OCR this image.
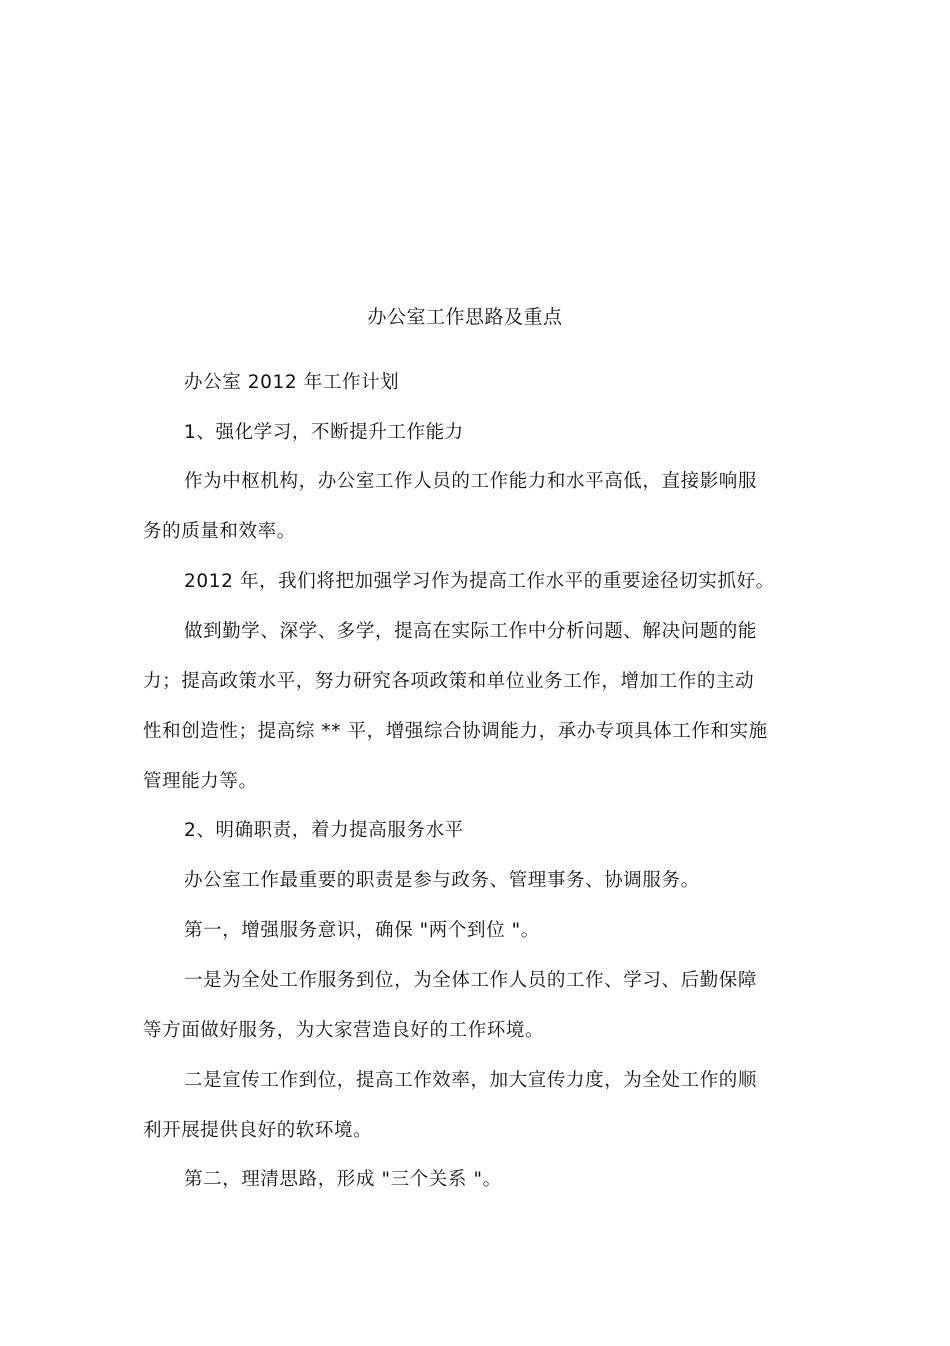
办公室工作思路及重点
办公室 2012 年工作计划
1、强化学习，不断提升工作能力
作为中枢机构，办公室工作人员的工作能力和水平高低，直接影响服
务的质量和效率。
2012 年，我们将把加强学习作为提高工作水平的重要途径切实抓好。
做到勤学、深学、多学，提高在实际工作中分析问题、解决问题的能
力；提高政策水平，努力研究各项政策和单位业务工作，增加工作的主动
性和创造性；提高综 ** 平，增强综合协调能力，承办专项具体工作和实施
管理能力等。
2、明确职责，着力提高服务水平
办公室工作最重要的职责是参与政务、管理事务、协调服务。
第一，增强服务意识，确保 "两个到位 "。
一是为全处工作服务到位，为全体工作人员的工作、学习、后勤保障
等方面做好服务，为大家营造良好的工作环境。
二是宣传工作到位，提高工作效率，加大宣传力度，为全处工作的顺
利开展提供良好的软环境。
第二，理清思路，形成 "三个关系 "。
